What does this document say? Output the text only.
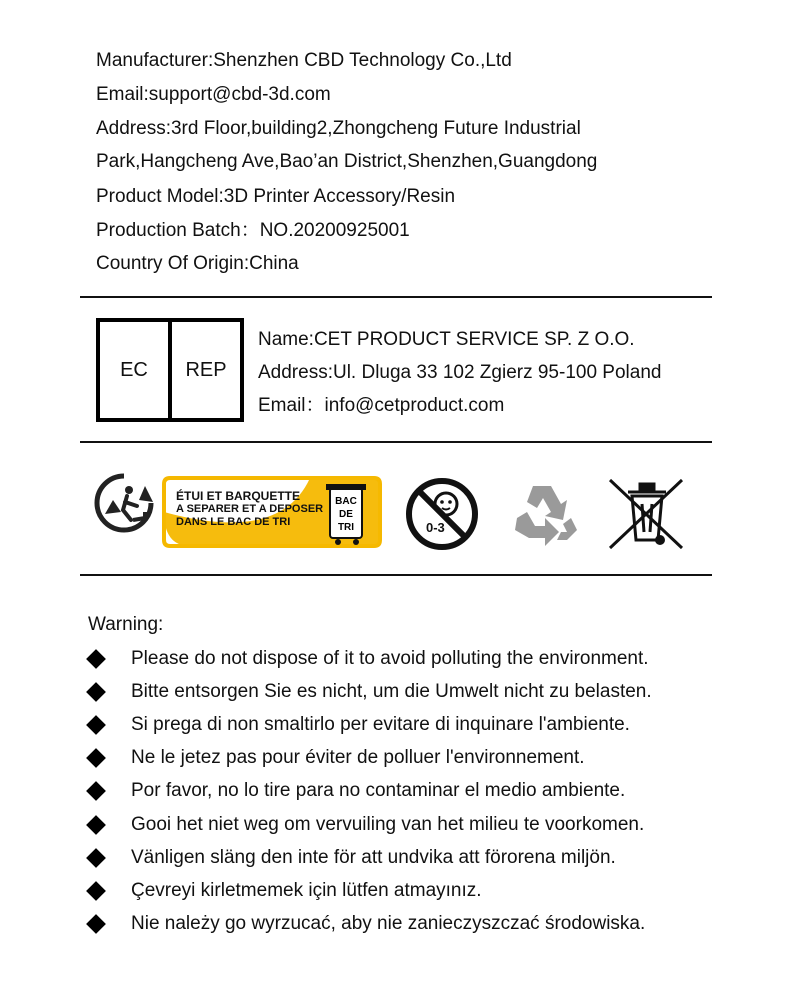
Manufacturer:Shenzhen CBD Technology Co.,Ltd
Email:support@cbd-3d.com
Address:3rd Floor,building2,Zhongcheng Future Industrial
Park,Hangcheng Ave,Bao’an District,Shenzhen,Guangdong
Product Model:3D Printer Accessory/Resin
Production Batch：NO.20200925001
Country Of Origin:China
EC	REP
Name:CET PRODUCT SERVICE SP. Z O.O.
Address:Ul. Dluga 33 102 Zgierz 95-100 Poland
Email：info@cetproduct.com
BAC
DE
TRI
ÉTUI ET BARQUETTE
A SEPARER ET A DEPOSER
DANS LE BAC DE TRI	0-3
Warning:
Please do not dispose of it to avoid polluting the environment.
Bitte entsorgen Sie es nicht, um die Umwelt nicht zu belasten.
Si prega di non smaltirlo per evitare di inquinare l'ambiente.
Ne le jetez pas pour éviter de polluer l'environnement.
Por favor, no lo tire para no contaminar el medio ambiente.
Gooi het niet weg om vervuiling van het milieu te voorkomen.
Vänligen släng den inte för att undvika att förorena miljön.
Çevreyi kirletmemek için lütfen atmayınız.
Nie należy go wyrzucać, aby nie zanieczyszczać środowiska.
